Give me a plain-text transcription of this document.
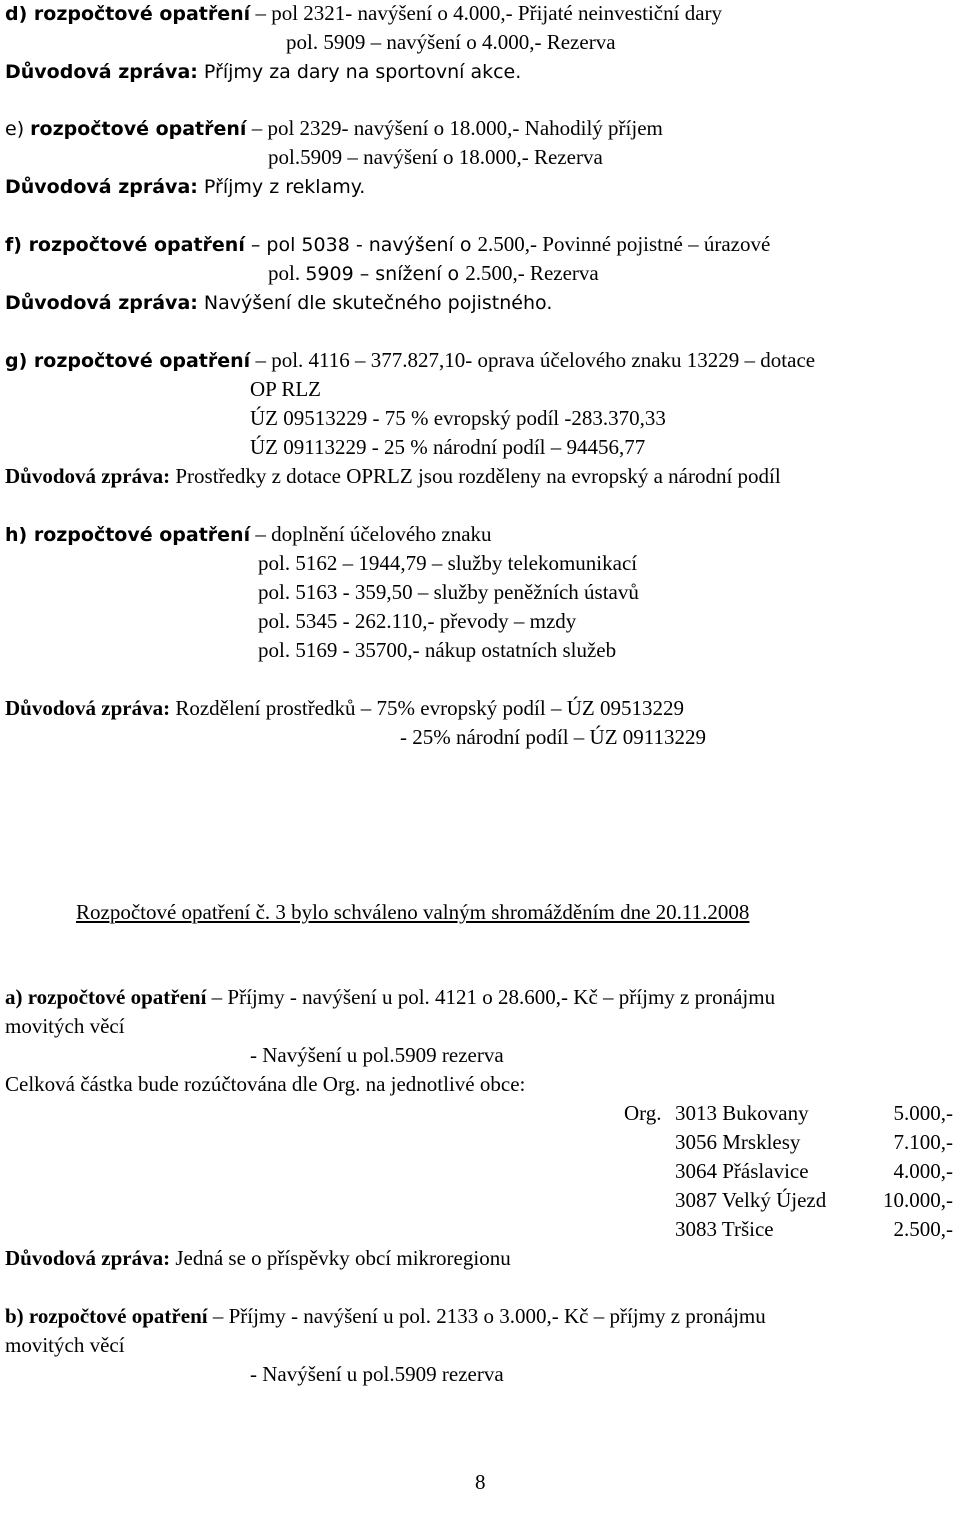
d) rozpočtové opatření – pol 2321- navýšení o 4.000,- Přijaté neinvestiční dary
pol. 5909 – navýšení o 4.000,- Rezerva
Důvodová zpráva: Příjmy za dary na sportovní akce.
e) rozpočtové opatření – pol 2329- navýšení o 18.000,- Nahodilý příjem
pol.5909 – navýšení o 18.000,- Rezerva
Důvodová zpráva: Příjmy z reklamy.
f) rozpočtové opatření – pol 5038 - navýšení o 2.500,- Povinné pojistné – úrazové
pol. 5909 – snížení o 2.500,- Rezerva
Důvodová zpráva: Navýšení dle skutečného pojistného.
g) rozpočtové opatření – pol. 4116 – 377.827,10- oprava účelového znaku 13229 – dotace
OP RLZ
ÚZ 09513229 - 75 % evropský podíl -283.370,33
ÚZ 09113229 - 25 % národní podíl – 94456,77
Důvodová zpráva: Prostředky z dotace OPRLZ jsou rozděleny na evropský a národní podíl
h) rozpočtové opatření – doplnění účelového znaku
pol. 5162 – 1944,79 – služby telekomunikací
pol. 5163 - 359,50 – služby peněžních ústavů
pol. 5345 - 262.110,- převody – mzdy
pol. 5169 - 35700,- nákup ostatních služeb
Důvodová zpráva: Rozdělení prostředků – 75% evropský podíl – ÚZ 09513229
- 25% národní podíl – ÚZ 09113229
Rozpočtové opatření č. 3 bylo schváleno valným shromážděním dne 20.11.2008
a) rozpočtové opatření – Příjmy - navýšení u pol. 4121 o 28.600,- Kč – příjmy z pronájmu
movitých věcí
- Navýšení u pol.5909 rezerva
Celková částka bude rozúčtována dle Org. na jednotlivé obce:
Org. 3013 Bukovany	5.000,-
3056 Mrsklesy	7.100,-
3064 Přáslavice	4.000,-
3087 Velký Újezd	10.000,-
3083 Tršice	2.500,-
Důvodová zpráva: Jedná se o příspěvky obcí mikroregionu
b) rozpočtové opatření – Příjmy - navýšení u pol. 2133 o 3.000,- Kč – příjmy z pronájmu
movitých věcí
- Navýšení u pol.5909 rezerva
8
